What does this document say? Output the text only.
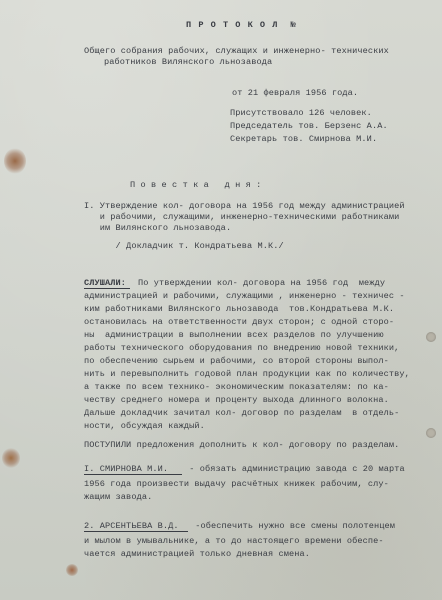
П Р О Т О К О Л  №
Общего собрания рабочих, служащих и инженерно- технических
работников Вилянского льнозавода
от 21 февраля 1956 года.
Присутствовало 126 человек.
Председатель тов. Берзенс А.А.
Секретарь тов. Смирнова М.И.
П о в е с т к а   д н я :
I. Утверждение кол- договора на 1956 год между администрацией
и рабочими, служащими, инженерно-техническими работниками
им Вилянского льнозавода.
/ Докладчик т. Кондратьева М.К./
СЛУШАЛИ: По утверждении кол- договора на 1956 год  между
администрацией и рабочими, служащими , инженерно - техничес -
ким работниками Вилянского льнозавода  тов.Кондратьева М.К.
остановилась на ответственности двух сторон; с одной сторо-
ны  администрации в выполнении всех разделов по улучшению
работы технического оборудования по внедрению новой техники,
по обеспечению сырьем и рабочими, со второй стороны выпол-
нить и перевыполнить годовой план продукции как по количеству,
а также по всем технико- экономическим показателям: по ка-
честву среднего номера и проценту выхода длинного волокна.
Дальше докладчик зачитал кол- договор по разделам  в отдель-
ности, обсуждая каждый.
ПОСТУПИЛИ предложения дополнить к кол- договору по разделам.
I. СМИРНОВА М.И. - обязать администрацию завода с 20 марта
1956 года произвести выдачу расчётных книжек рабочим, слу-
жащим завода.
2. АРСЕНТЬЕВА В.Д. -обеспечить нужно все смены полотенцем
и мылом в умывальнике, а то до настоящего времени обеспе-
чается администрацией только дневная смена.
